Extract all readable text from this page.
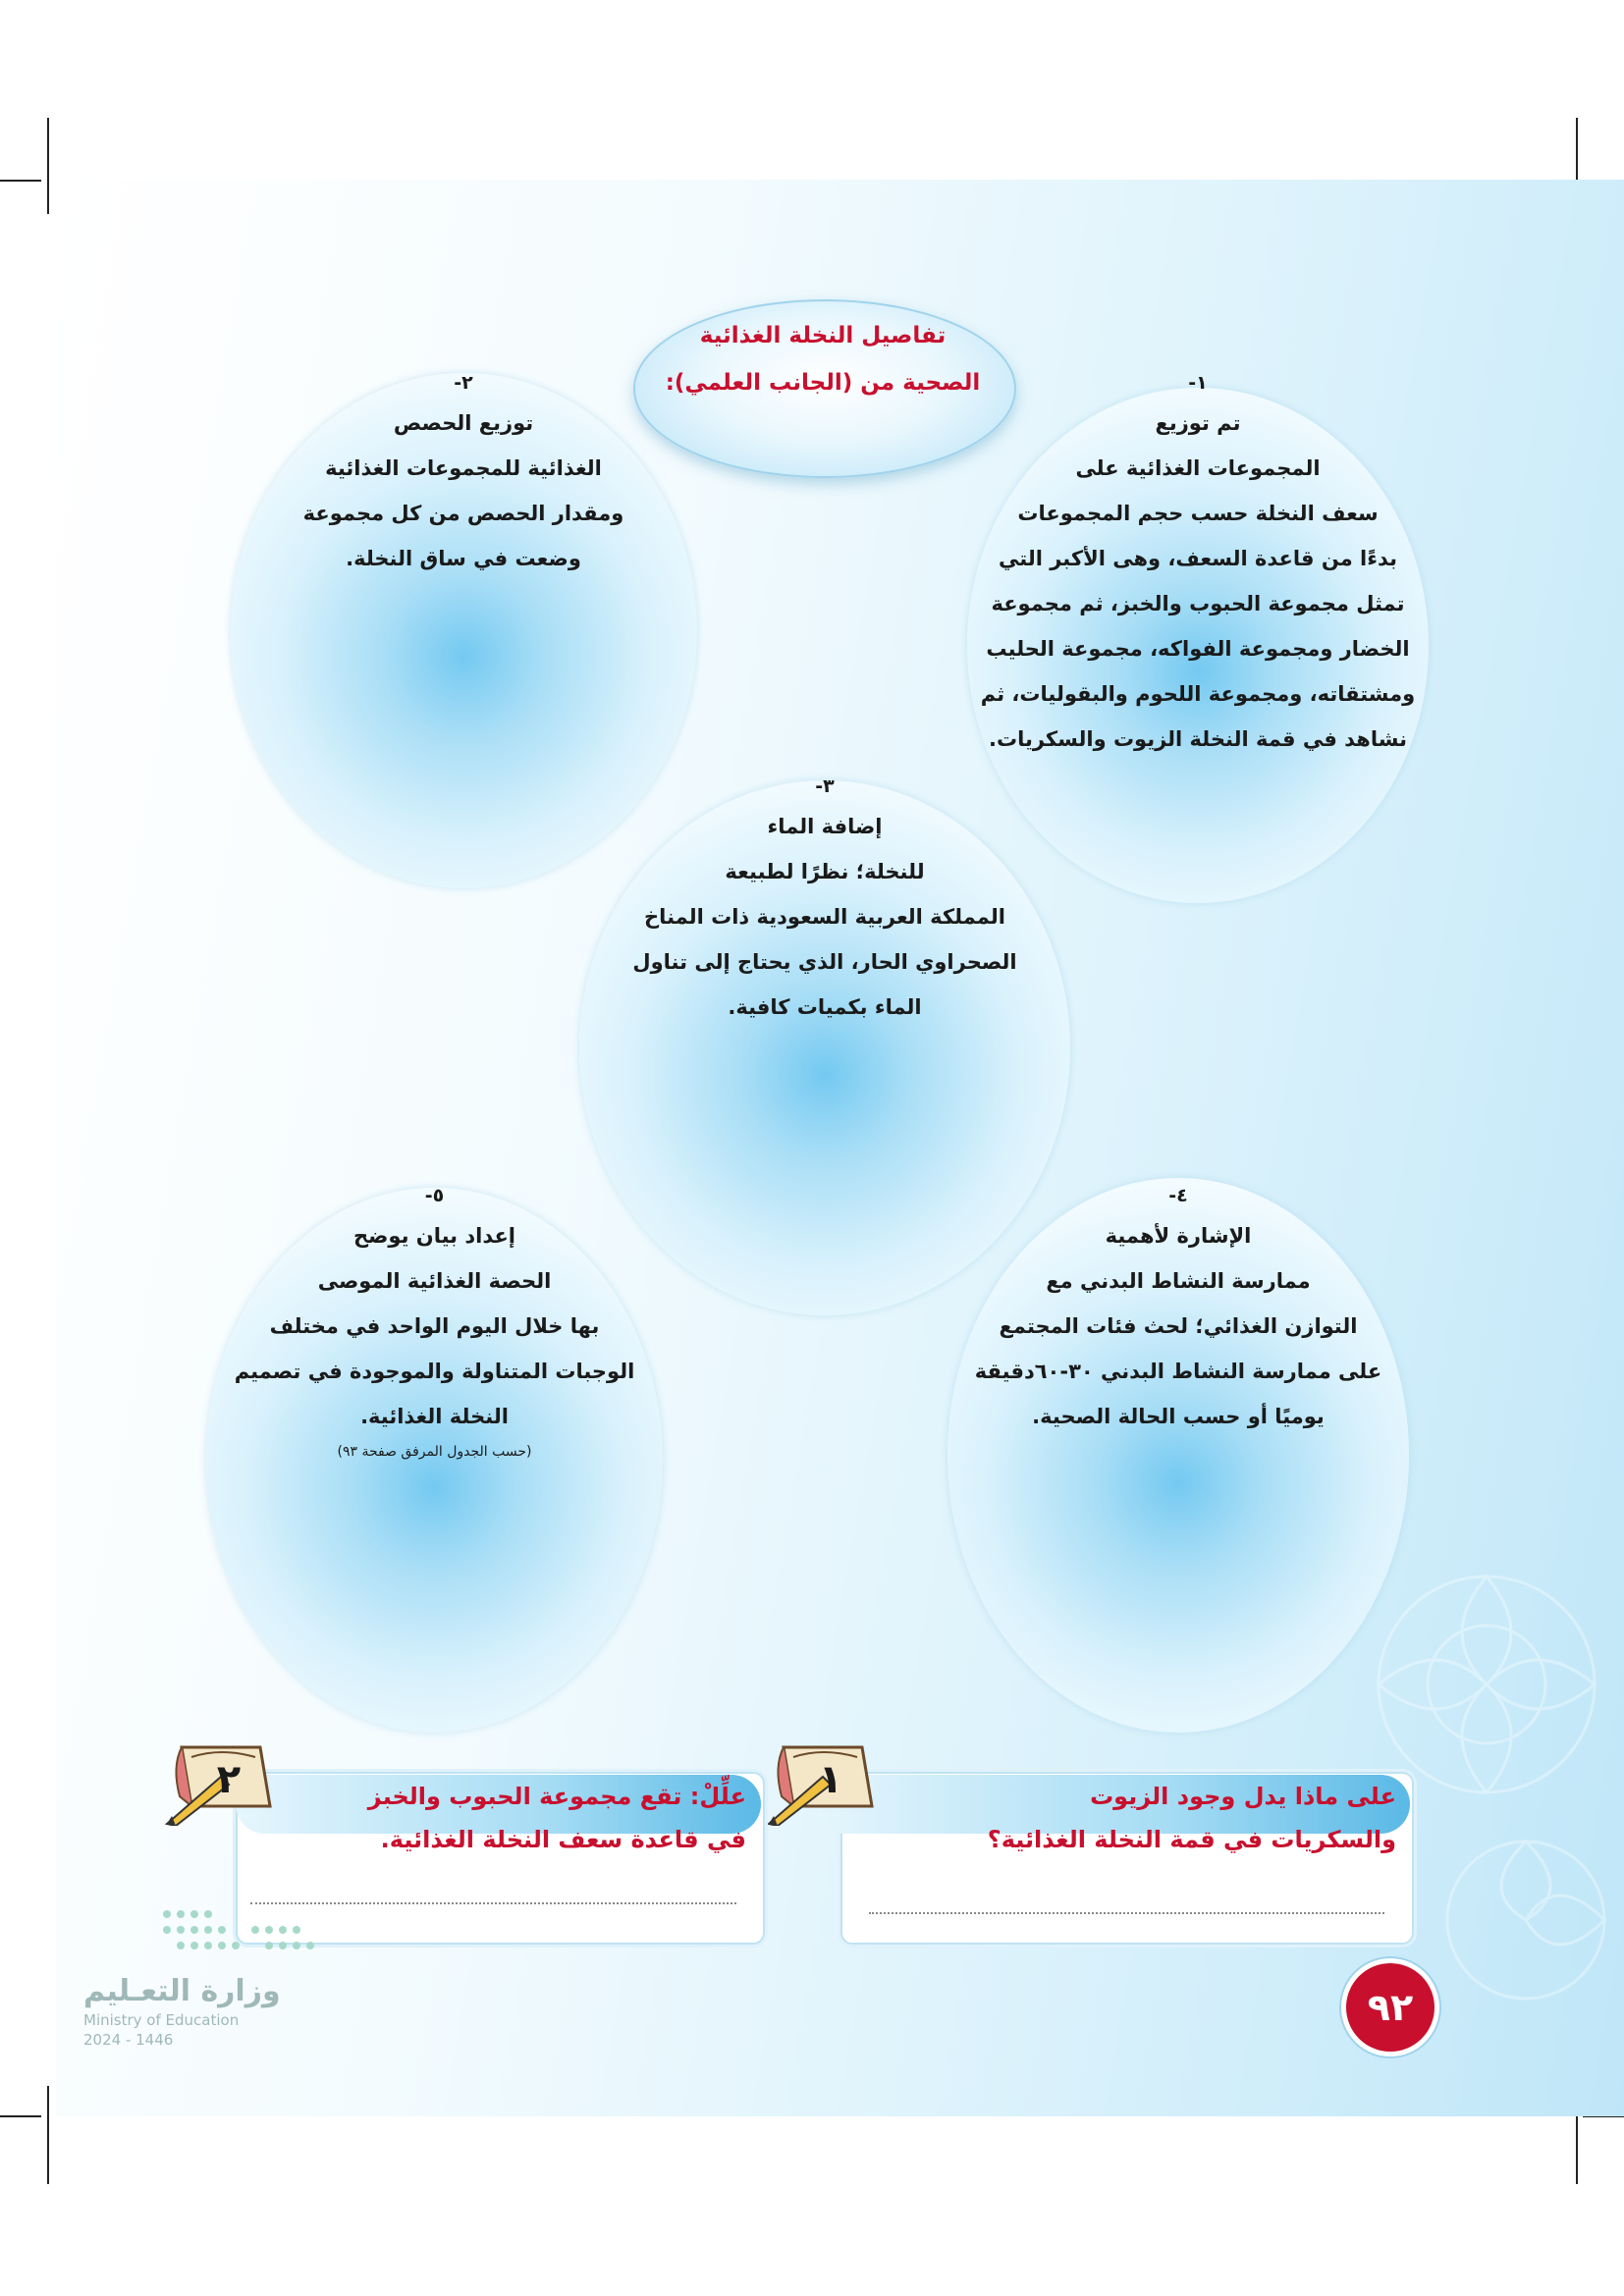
تفاصيل النخلة الغذائية
الصحية من (الجانب العلمي):	١-
تم توزيع
المجموعات الغذائية على
سعف النخلة حسب حجم المجموعات
بدءًا من قاعدة السعف، وهى الأكبر التي
تمثل مجموعة الحبوب والخبز، ثم مجموعة
الخضار ومجموعة الفواكه، مجموعة الحليب
ومشتقاته، ومجموعة اللحوم والبقوليات، ثم
نشاهد في قمة النخلة الزيوت والسكريات.
٢-
توزيع الحصص
الغذائية للمجموعات الغذائية
ومقدار الحصص من كل مجموعة
وضعت في ساق النخلة.
٣-
إضافة الماء
للنخلة؛ نظرًا لطبيعة
المملكة العربية السعودية ذات المناخ
الصحراوي الحار، الذي يحتاج إلى تناول
الماء بكميات كافية.
٤-
الإشارة لأهمية
ممارسة النشاط البدني مع
التوازن الغذائي؛ لحث فئات المجتمع
على ممارسة النشاط البدني ٣٠-٦٠دقيقة
يوميًا أو حسب الحالة الصحية.
٥-
إعداد بيان يوضح
الحصة الغذائية الموصى
بها خلال اليوم الواحد في مختلف
الوجبات المتناولة والموجودة في تصميم
النخلة الغذائية.
(حسب الجدول المرفق صفحة ٩٣)
على ماذا يدل وجود الزيوت
والسكريات في قمة النخلة الغذائية؟
١
علِّلْ: تقع مجموعة الحبوب والخبز
في قاعدة سعف النخلة الغذائية.
٢
وزارة التعـليم
Ministry of Education
2024 - 1446
٩٢
